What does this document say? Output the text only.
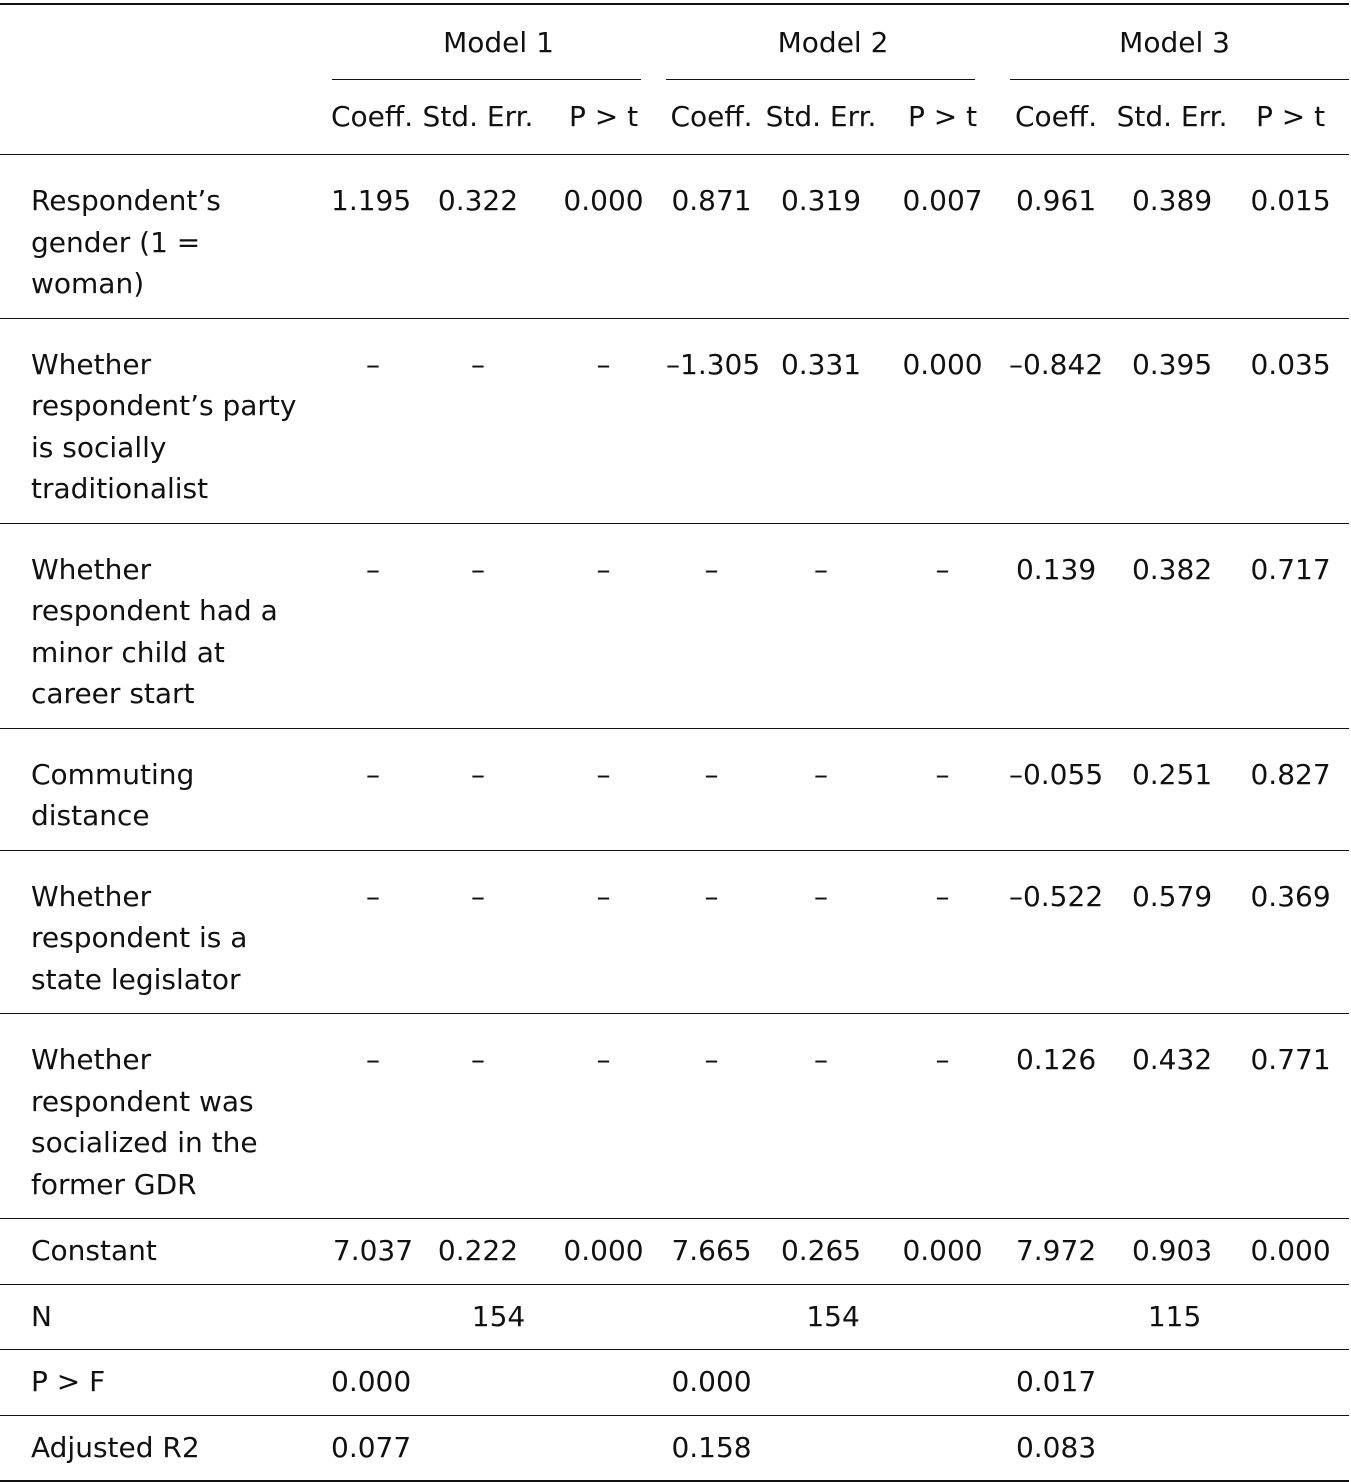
	Model 1			Model 2			Model 3		

	Coeff.	Std. Err.	P > t	Coeff.	Std. Err.	P > t	Coeff.	Std. Err.	P > t
Respondent’s gender (1 = woman)	1.195	0.322	0.000	0.871	0.319	0.007	0.961	0.389	0.015
Whether respondent’s party is socially traditionalist	–	–	–	–1.305	0.331	0.000	–0.842	0.395	0.035
Whether respondent had a minor child at career start	–	–	–	–	–	–	0.139	0.382	0.717
Commuting distance	–	–	–	–	–	–	–0.055	0.251	0.827
Whether respondent is a state legislator	–	–	–	–	–	–	–0.522	0.579	0.369
Whether respondent was socialized in the former GDR	–	–	–	–	–	–	0.126	0.432	0.771
Constant	7.037	0.222	0.000	7.665	0.265	0.000	7.972	0.903	0.000
N	154			154			115		
P > F	0.000			0.000			0.017		
Adjusted R2	0.077			0.158			0.083		
